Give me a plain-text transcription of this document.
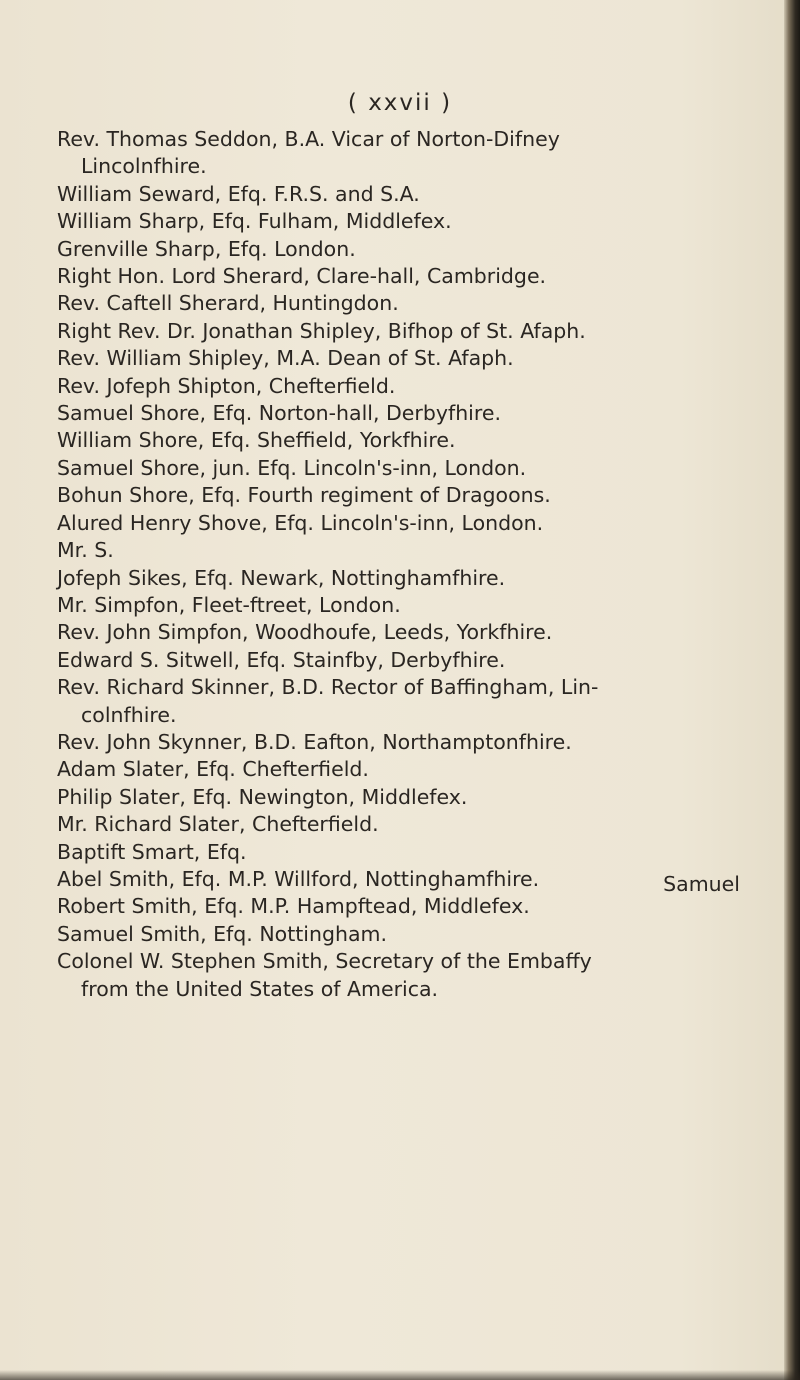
( xxvii )
Rev. Thomas Seddon, B.A. Vicar of Norton-Difney
Lincolnfhire.
William Seward, Efq. F.R.S. and S.A.
William Sharp, Efq. Fulham, Middlefex.
Grenville Sharp, Efq. London.
Right Hon. Lord Sherard, Clare-hall, Cambridge.
Rev. Caftell Sherard, Huntingdon.
Right Rev. Dr. Jonathan Shipley, Bifhop of St. Afaph.
Rev. William Shipley, M.A. Dean of St. Afaph.
Rev. Jofeph Shipton, Chefterfield.
Samuel Shore, Efq. Norton-hall, Derbyfhire.
William Shore, Efq. Sheffield, Yorkfhire.
Samuel Shore, jun. Efq. Lincoln's-inn, London.
Bohun Shore, Efq. Fourth regiment of Dragoons.
Alured Henry Shove, Efq. Lincoln's-inn, London.
Mr. S.
Jofeph Sikes, Efq. Newark, Nottinghamfhire.
Mr. Simpfon, Fleet-ftreet, London.
Rev. John Simpfon, Woodhoufe, Leeds, Yorkfhire.
Edward S. Sitwell, Efq. Stainfby, Derbyfhire.
Rev. Richard Skinner, B.D. Rector of Baffingham, Lin-
colnfhire.
Rev. John Skynner, B.D. Eafton, Northamptonfhire.
Adam Slater, Efq. Chefterfield.
Philip Slater, Efq. Newington, Middlefex.
Mr. Richard Slater, Chefterfield.
Baptift Smart, Efq.
Abel Smith, Efq. M.P. Willford, Nottinghamfhire.
Robert Smith, Efq. M.P. Hampftead, Middlefex.
Samuel Smith, Efq. Nottingham.
Colonel W. Stephen Smith, Secretary of the Embaffy
from the United States of America.
Samuel
